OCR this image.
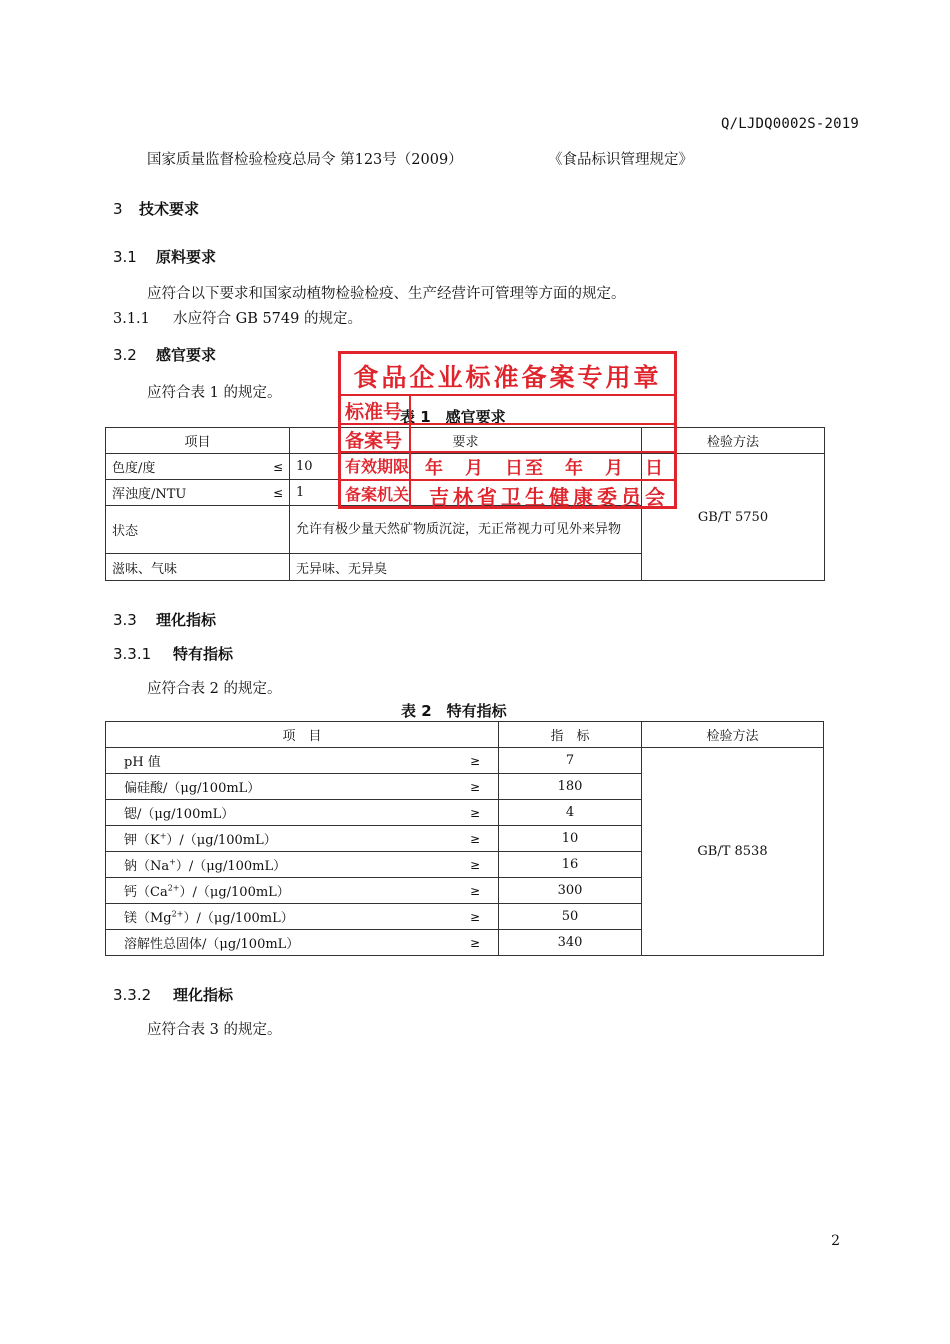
Q/LJDQ0002S-2019
国家质量监督检验检疫总局令 第123号（2009）	《食品标识管理规定》
3 技术要求
3.1 原料要求
应符合以下要求和国家动植物检验检疫、生产经营许可管理等方面的规定。
3.1.1 水应符合 GB 5749 的规定。
3.2 感官要求
应符合表 1 的规定。
表 1　感官要求
项目	要求	检验方法

色度/度 ≤	10	GB/T 5750

浑浊度/NTU ≤	1	
状态	允许有极少量天然矿物质沉淀，无正常视力可见外来异物	
滋味、气味	无异味、无异臭	
食品企业标准备案专用章
标准号
备案号
有效期限 年　月　日至　年　月　日
备案机关 吉林省卫生健康委员会
3.3 理化指标
3.3.1 特有指标
应符合表 2 的规定。
表 2　特有指标
项　目	指　标	检验方法

pH 值 ≥	7	GB/T 8538

偏硅酸/（μg/100mL） ≥	180	

锶/（μg/100mL） ≥	4	

钾（K+）/（μg/100mL） ≥	10	

钠（Na+）/（μg/100mL） ≥	16	

钙$(Ca^{2+})/(\mu g/100mL)$ ≥	300	

镁$(Mg^{2+})/(\mu g/100mL)$ ≥	50	

溶解性总固体/（μg/100mL） ≥	340	
3.3.2 理化指标
应符合表 3 的规定。
2
